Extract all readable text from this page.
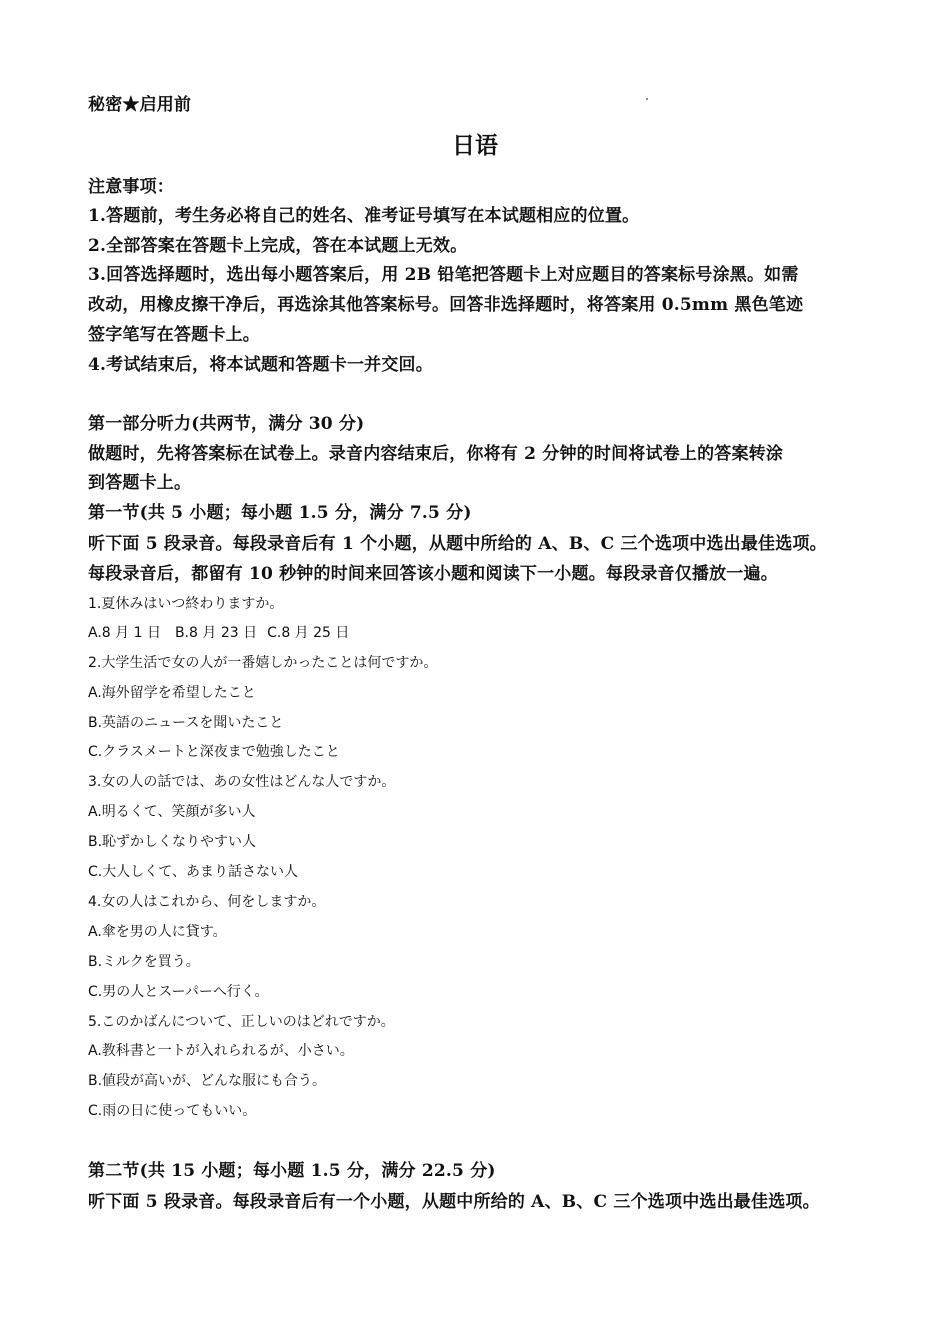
秘密★启用前
日语
注意事项：
1.答题前，考生务必将自己的姓名、准考证号填写在本试题相应的位置。
2.全部答案在答题卡上完成，答在本试题上无效。
3.回答选择题时，选出每小题答案后，用 2B 铅笔把答题卡上对应题目的答案标号涂黑。如需
改动，用橡皮擦干净后，再选涂其他答案标号。回答非选择题时，将答案用 0.5mm 黑色笔迹
签字笔写在答题卡上。
4.考试结束后，将本试题和答题卡一并交回。
第一部分听力(共两节，满分 30 分)
做题时，先将答案标在试卷上。录音内容结束后，你将有 2 分钟的时间将试卷上的答案转涂
到答题卡上。
第一节(共 5 小题；每小题 1.5 分，满分 7.5 分)
听下面 5 段录音。每段录音后有 1 个小题，从题中所给的 A、B、C 三个选项中选出最佳选项。
每段录音后，都留有 10 秒钟的时间来回答该小题和阅读下一小题。每段录音仅播放一遍。
1.夏休みはいつ終わりますか。
A.8 月 1 日 B.8 月 23 日 C.8 月 25 日
2.大学生活で女の人が一番嬉しかったことは何ですか。
A.海外留学を希望したこと
B.英語のニュースを聞いたこと
C.クラスメートと深夜まで勉強したこと
3.女の人の話では、あの女性はどんな人ですか。
A.明るくて、笑顔が多い人
B.恥ずかしくなりやすい人
C.大人しくて、あまり話さない人
4.女の人はこれから、何をしますか。
A.傘を男の人に貸す。
B.ミルクを買う。
C.男の人とスーパーへ行く。
5.このかばんについて、正しいのはどれですか。
A.教科書と一トが入れられるが、小さい。
B.値段が高いが、どんな服にも合う。
C.雨の日に使ってもいい。
第二节(共 15 小题；每小题 1.5 分，满分 22.5 分)
听下面 5 段录音。每段录音后有一个小题，从题中所给的 A、B、C 三个选项中选出最佳选项。
